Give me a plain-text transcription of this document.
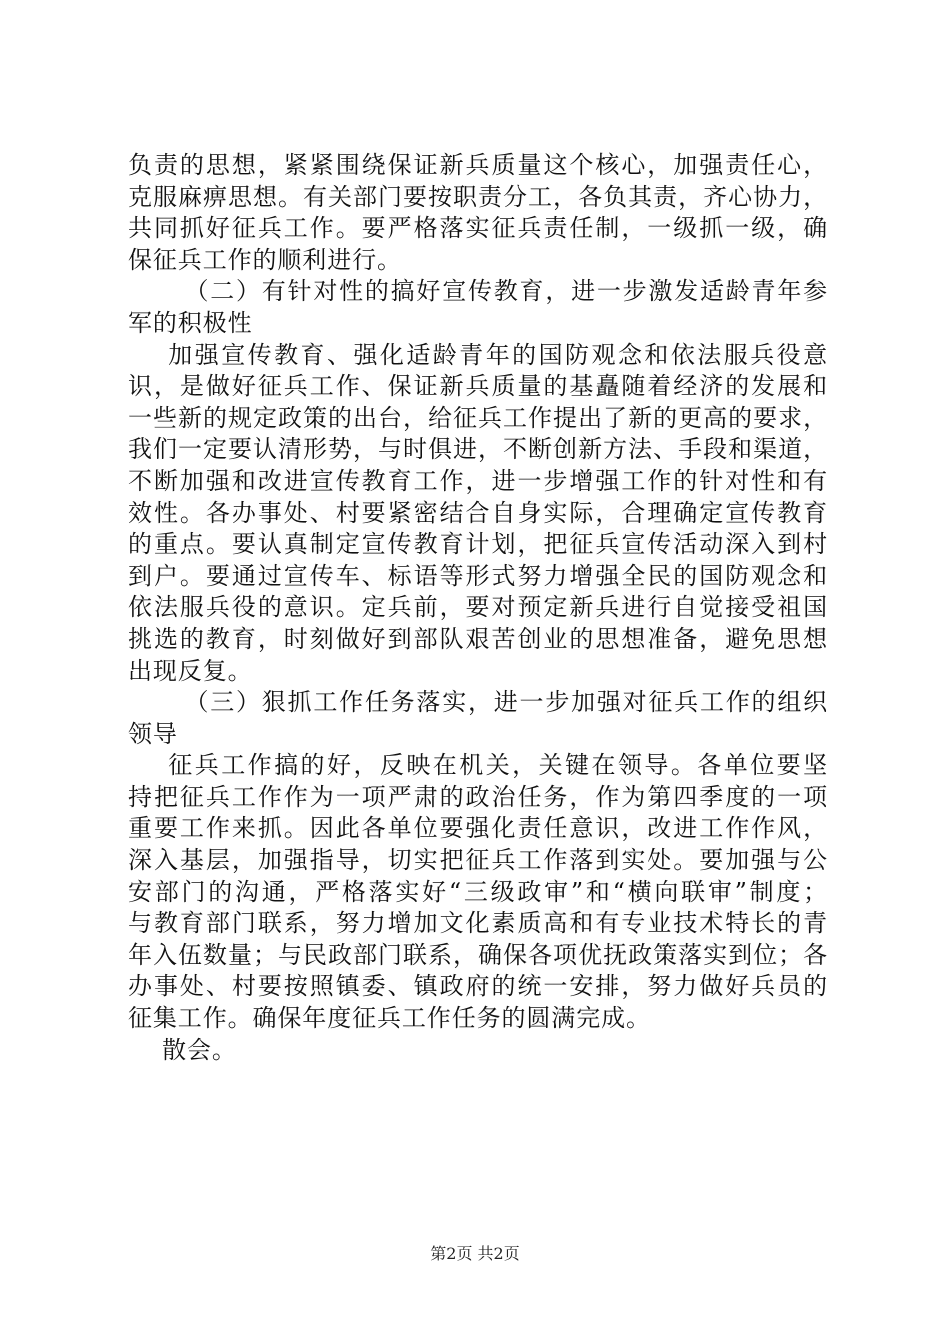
负责的思想，紧紧围绕保证新兵质量这个核心，加强责任心，
克服麻痹思想。有关部门要按职责分工，各负其责，齐心协力，
共同抓好征兵工作。要严格落实征兵责任制，一级抓一级，确
保征兵工作的顺利进行。
（二）有针对性的搞好宣传教育，进一步激发适龄青年参
军的积极性
加强宣传教育、强化适龄青年的国防观念和依法服兵役意
识，是做好征兵工作、保证新兵质量的基矗随着经济的发展和
一些新的规定政策的出台，给征兵工作提出了新的更高的要求，
我们一定要认清形势，与时俱进，不断创新方法、手段和渠道，
不断加强和改进宣传教育工作，进一步增强工作的针对性和有
效性。各办事处、村要紧密结合自身实际，合理确定宣传教育
的重点。要认真制定宣传教育计划，把征兵宣传活动深入到村
到户。要通过宣传车、标语等形式努力增强全民的国防观念和
依法服兵役的意识。定兵前，要对预定新兵进行自觉接受祖国
挑选的教育，时刻做好到部队艰苦创业的思想准备，避免思想
出现反复。
（三）狠抓工作任务落实，进一步加强对征兵工作的组织
领导
征兵工作搞的好，反映在机关，关键在领导。各单位要坚
持把征兵工作作为一项严肃的政治任务，作为第四季度的一项
重要工作来抓。因此各单位要强化责任意识，改进工作作风，
深入基层，加强指导，切实把征兵工作落到实处。要加强与公
安部门的沟通，严格落实好“三级政审”和“横向联审”制度；
与教育部门联系，努力增加文化素质高和有专业技术特长的青
年入伍数量；与民政部门联系，确保各项优抚政策落实到位；各
办事处、村要按照镇委、镇政府的统一安排，努力做好兵员的
征集工作。确保年度征兵工作任务的圆满完成。
散会。
第2页 共2页
